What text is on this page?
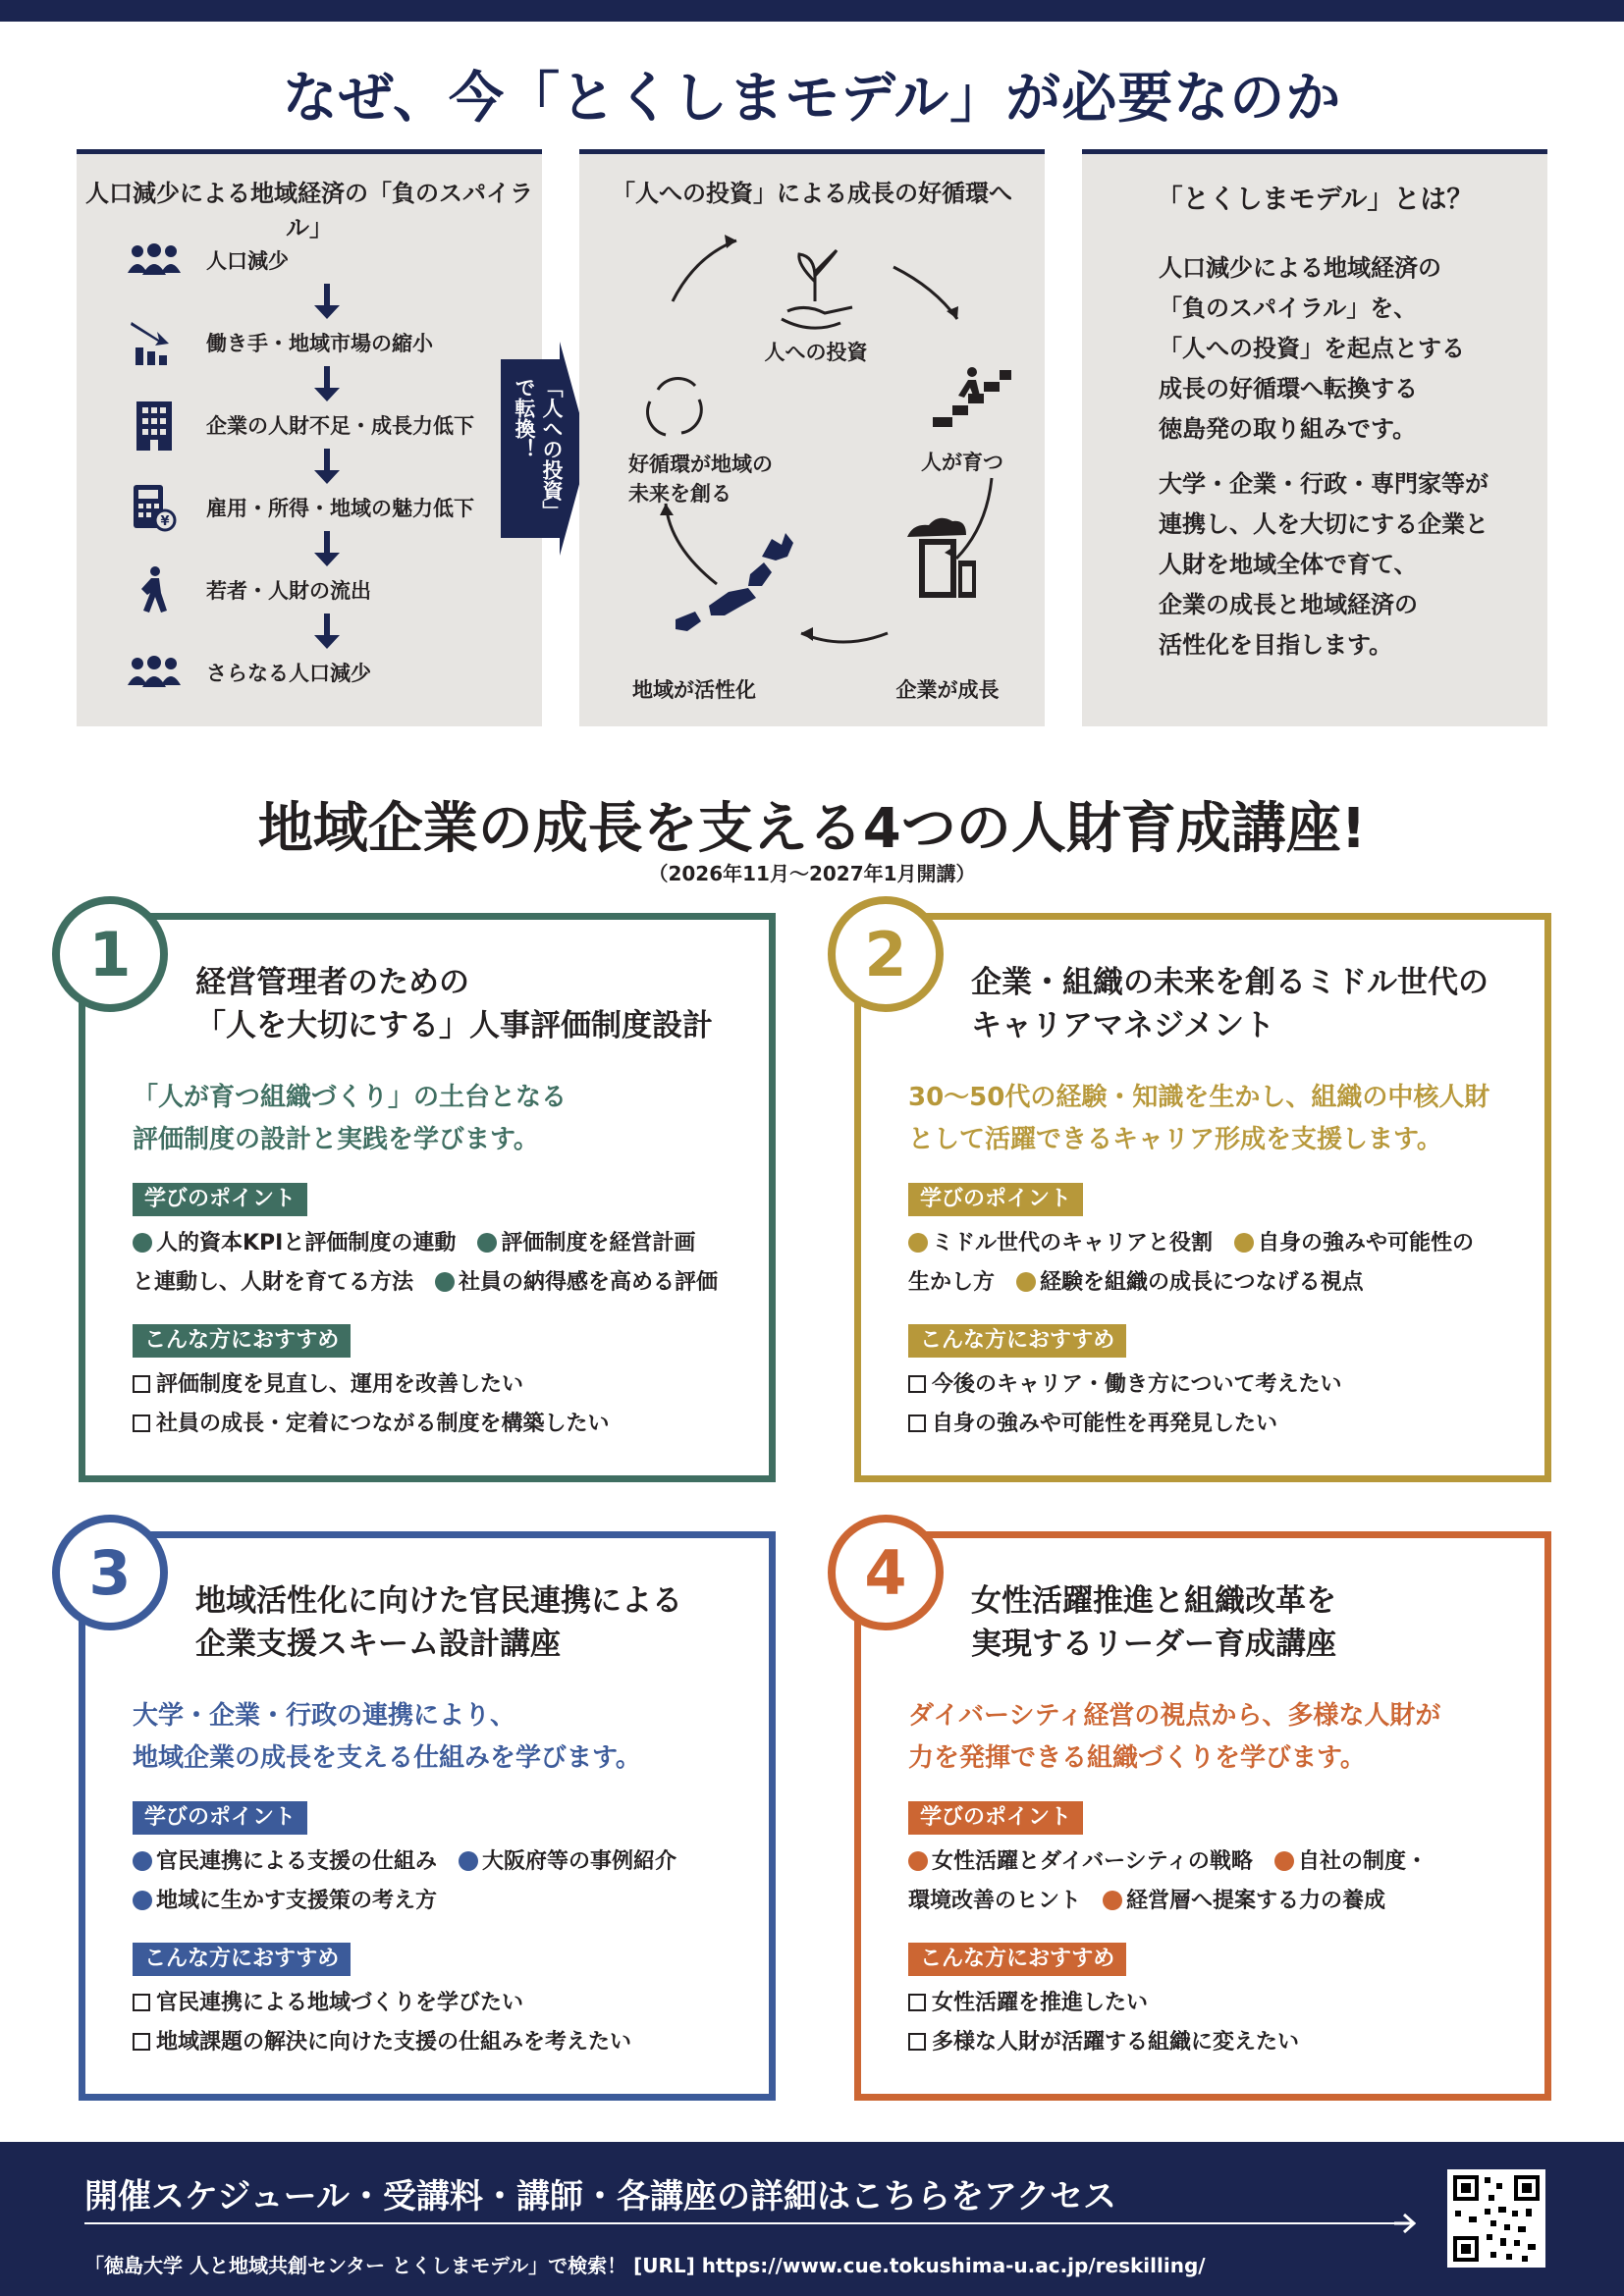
なぜ、今「とくしまモデル」が必要なのか
人口減少による地域経済の「負のスパイラル」
人口減少
働き手・地域市場の縮小
企業の人財不足・成長力低下
¥
雇用・所得・地域の魅力低下
若者・人財の流出
さらなる人口減少
「人への投資」で転換！
「人への投資」による成長の好循環へ
人への投資
人が育つ
企業が成長
地域が活性化
好循環が地域の
未来を創る
「とくしまモデル」とは？
人口減少による地域経済の
「負のスパイラル」を、
「人への投資」を起点とする
成長の好循環へ転換する
徳島発の取り組みです。
大学・企業・行政・専門家等が
連携し、人を大切にする企業と
人財を地域全体で育て、
企業の成長と地域経済の
活性化を目指します。
地域企業の成長を支える4つの人財育成講座!
（2026年11月～2027年1月開講）
1	経営管理者のための
「人を大切にする」人事評価制度設計
「人が育つ組織づくり」の土台となる
評価制度の設計と実践を学びます。
学びのポイント
人的資本KPIと評価制度の連動　 評価制度を経営計画
と連動し、人財を育てる方法　 社員の納得感を高める評価
こんな方におすすめ
評価制度を見直し、運用を改善したい
社員の成長・定着につながる制度を構築したい
2	企業・組織の未来を創るミドル世代の
キャリアマネジメント
30～50代の経験・知識を生かし、組織の中核人財
として活躍できるキャリア形成を支援します。
学びのポイント
ミドル世代のキャリアと役割　 自身の強みや可能性の
生かし方　 経験を組織の成長につなげる視点
こんな方におすすめ
今後のキャリア・働き方について考えたい
自身の強みや可能性を再発見したい
3	地域活性化に向けた官民連携による
企業支援スキーム設計講座
大学・企業・行政の連携により、
地域企業の成長を支える仕組みを学びます。
学びのポイント
官民連携による支援の仕組み　 大阪府等の事例紹介
地域に生かす支援策の考え方
こんな方におすすめ
官民連携による地域づくりを学びたい
地域課題の解決に向けた支援の仕組みを考えたい
4	女性活躍推進と組織改革を
実現するリーダー育成講座
ダイバーシティ経営の視点から、多様な人財が
力を発揮できる組織づくりを学びます。
学びのポイント
女性活躍とダイバーシティの戦略　 自社の制度・
環境改善のヒント　 経営層へ提案する力の養成
こんな方におすすめ
女性活躍を推進したい
多様な人財が活躍する組織に変えたい
開催スケジュール・受講料・講師・各講座の詳細はこちらをアクセス
「徳島大学 人と地域共創センター とくしまモデル」で検索！ [URL] https://www.cue.tokushima-u.ac.jp/reskilling/
